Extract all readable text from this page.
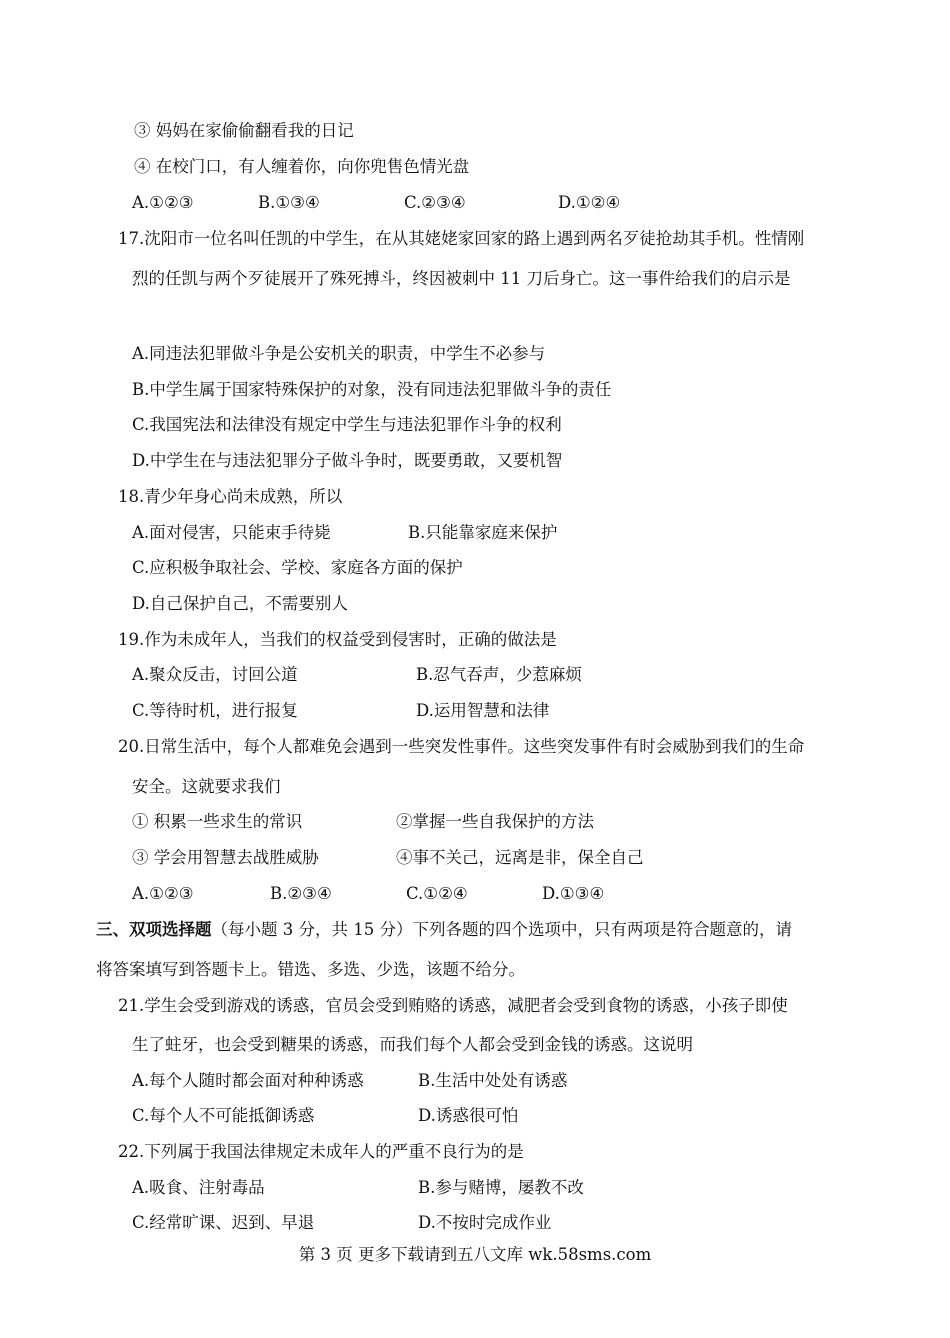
③ 妈妈在家偷偷翻看我的日记
④ 在校门口，有人缠着你，向你兜售色情光盘
A.①②③	B.①③④	C.②③④	D.①②④
17.沈阳市一位名叫任凯的中学生，在从其姥姥家回家的路上遇到两名歹徒抢劫其手机。性情刚
烈的任凯与两个歹徒展开了殊死搏斗，终因被刺中 11 刀后身亡。这一事件给我们的启示是
A.同违法犯罪做斗争是公安机关的职责，中学生不必参与
B.中学生属于国家特殊保护的对象，没有同违法犯罪做斗争的责任
C.我国宪法和法律没有规定中学生与违法犯罪作斗争的权利
D.中学生在与违法犯罪分子做斗争时，既要勇敢，又要机智
18.青少年身心尚未成熟，所以
A.面对侵害，只能束手待毙	B.只能靠家庭来保护
C.应积极争取社会、学校、家庭各方面的保护
D.自己保护自己，不需要别人
19.作为未成年人，当我们的权益受到侵害时，正确的做法是
A.聚众反击，讨回公道	B.忍气吞声，少惹麻烦
C.等待时机，进行报复	D.运用智慧和法律
20.日常生活中，每个人都难免会遇到一些突发性事件。这些突发事件有时会威胁到我们的生命
安全。这就要求我们
① 积累一些求生的常识	②掌握一些自我保护的方法
③ 学会用智慧去战胜威胁	④事不关己，远离是非，保全自己
A.①②③	B.②③④	C.①②④	D.①③④
三、双项选择题（每小题 3 分，共 15 分）下列各题的四个选项中，只有两项是符合题意的，请
将答案填写到答题卡上。错选、多选、少选，该题不给分。
21.学生会受到游戏的诱惑，官员会受到贿赂的诱惑，减肥者会受到食物的诱惑，小孩子即使
生了蛀牙，也会受到糖果的诱惑，而我们每个人都会受到金钱的诱惑。这说明
A.每个人随时都会面对种种诱惑	B.生活中处处有诱惑
C.每个人不可能抵御诱惑	D.诱惑很可怕
22.下列属于我国法律规定未成年人的严重不良行为的是
A.吸食、注射毒品	B.参与赌博，屡教不改
C.经常旷课、迟到、早退	D.不按时完成作业
第 3 页 更多下载请到五八文库 wk.58sms.com
